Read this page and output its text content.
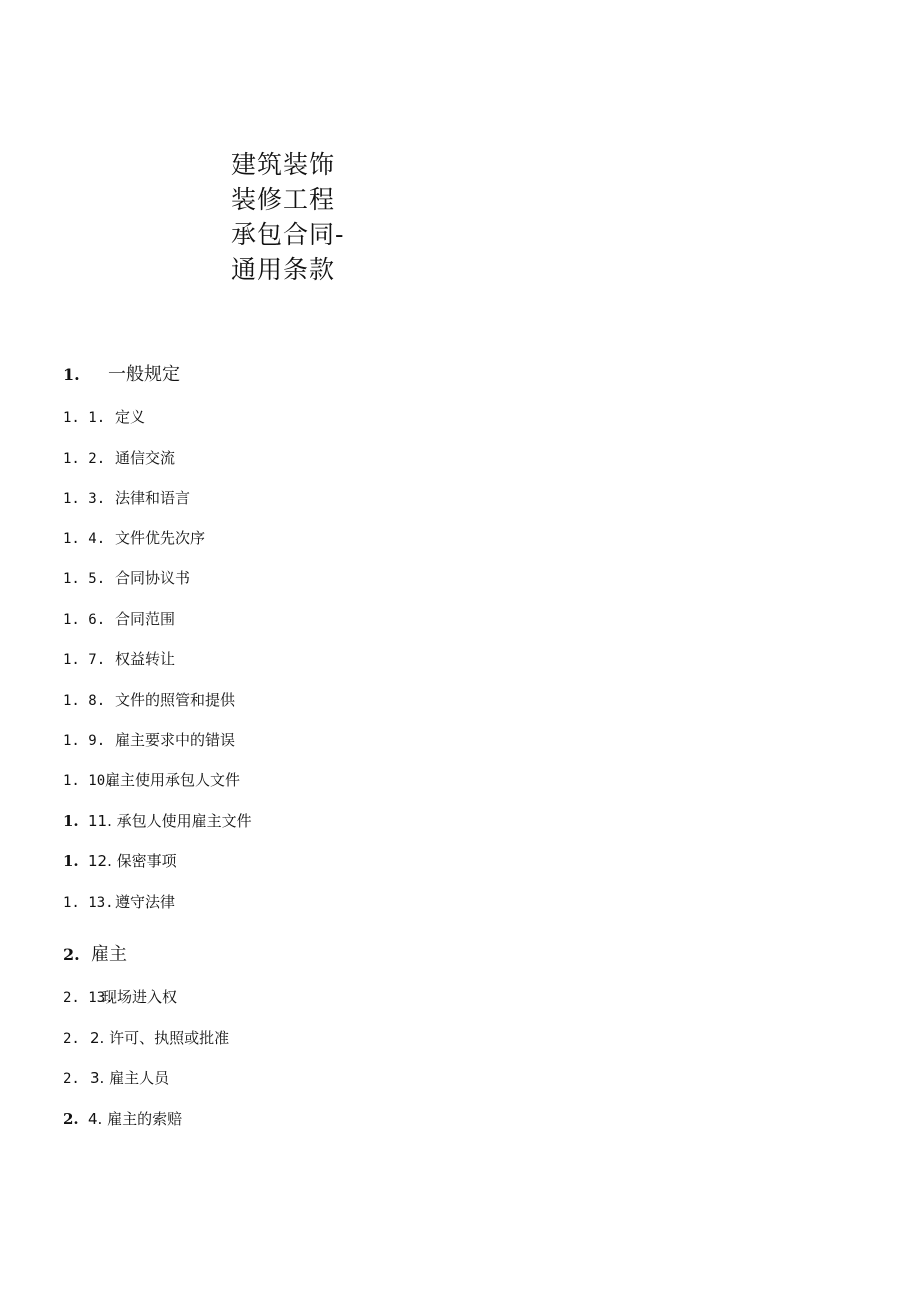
建筑装饰
装修工程
承包合同-
通用条款
1. 一般规定
1. 1. 定义
1. 2. 通信交流
1. 3. 法律和语言
1. 4. 文件优先次序
1. 5. 合同协议书
1. 6. 合同范围
1. 7. 权益转让
1. 8. 文件的照管和提供
1. 9. 雇主要求中的错误
1. 10.雇主使用承包人文件
1. 11. 承包人使用雇主文件
1. 12. 保密事项
1. 13.遵守法律
2. 雇主
2. 13.现场进入权
2. 2. 许可、执照或批准
2. 3. 雇主人员
2. 4. 雇主的索赔
